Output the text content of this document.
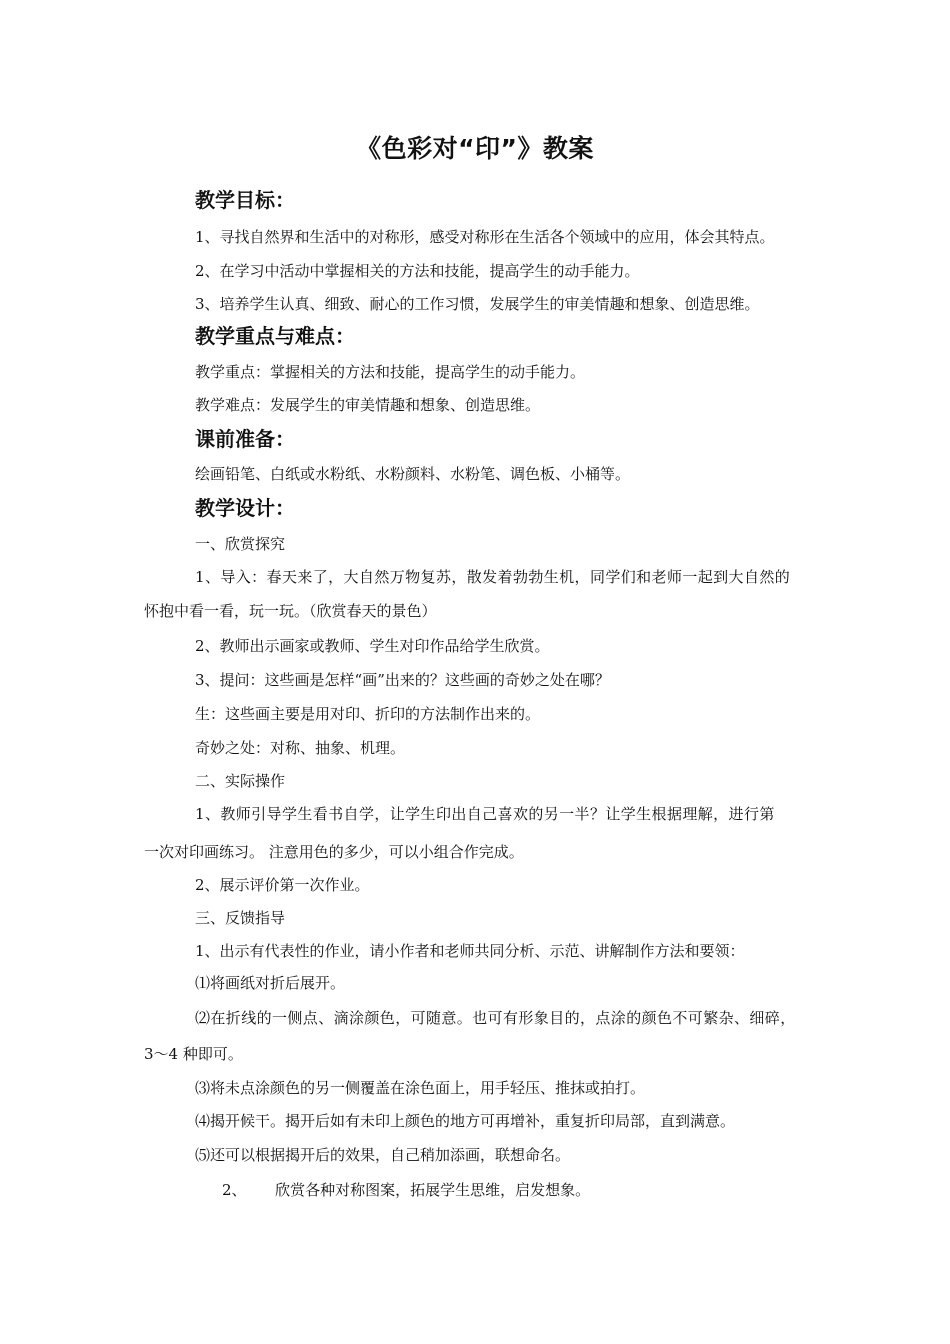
《色彩对“印”》教案
教学目标：
1、寻找自然界和生活中的对称形，感受对称形在生活各个领域中的应用，体会其特点。
2、在学习中活动中掌握相关的方法和技能，提高学生的动手能力。
3、培养学生认真、细致、耐心的工作习惯，发展学生的审美情趣和想象、创造思维。
教学重点与难点：
教学重点：掌握相关的方法和技能，提高学生的动手能力。
教学难点：发展学生的审美情趣和想象、创造思维。
课前准备：
绘画铅笔、白纸或水粉纸、水粉颜料、水粉笔、调色板、小桶等。
教学设计：
一、欣赏探究
1、导入：春天来了，大自然万物复苏，散发着勃勃生机，同学们和老师一起到大自然的
怀抱中看一看，玩一玩。（欣赏春天的景色）
2、教师出示画家或教师、学生对印作品给学生欣赏。
3、提问：这些画是怎样“画”出来的？这些画的奇妙之处在哪？
生：这些画主要是用对印、折印的方法制作出来的。
奇妙之处：对称、抽象、机理。
二、实际操作
1、教师引导学生看书自学，让学生印出自己喜欢的另一半？让学生根据理解，进行第
一次对印画练习。 注意用色的多少，可以小组合作完成。
2、展示评价第一次作业。
三、反馈指导
1、出示有代表性的作业，请小作者和老师共同分析、示范、讲解制作方法和要领：
⑴将画纸对折后展开。
⑵在折线的一侧点、滴涂颜色，可随意。也可有形象目的，点涂的颜色不可繁杂、细碎，
3～4 种即可。
⑶将未点涂颜色的另一侧覆盖在涂色面上，用手轻压、推抹或拍打。
⑷揭开候干。揭开后如有未印上颜色的地方可再增补，重复折印局部，直到满意。
⑸还可以根据揭开后的效果，自己稍加添画，联想命名。
2、      欣赏各种对称图案，拓展学生思维，启发想象。
